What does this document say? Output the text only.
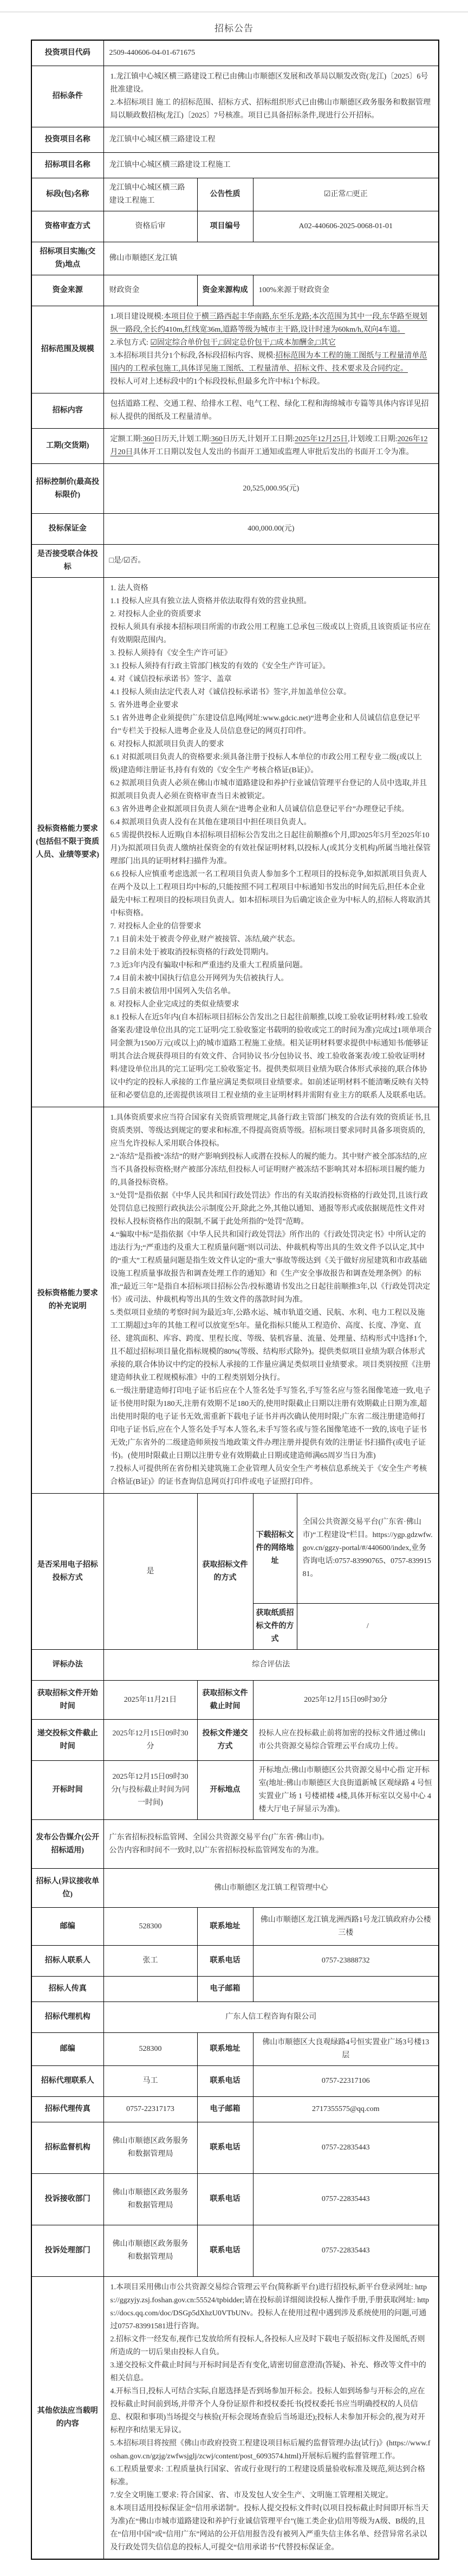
招标公告
投资项目代码	2509-440606-04-01-671675			
招标条件	1.龙江镇中心城区横三路建设工程已由佛山市顺德区发展和改革局以顺发改资(龙江)〔2025〕6号批准建设。
2.本招标项目 施工 的招标范围、招标方式、招标组织形式已由佛山市顺德区政务服务和数据管理局以顺政数招核(龙江)〔2025〕7号核准。项目已具备招标条件,现进行公开招标。			

投资项目名称	龙江镇中心城区横三路建设工程			
招标项目名称	龙江镇中心城区横三路建设工程施工			
标段(包)名称	龙江镇中心城区横三路建设工程施工	公告性质	☑正常/□更正	
资格审查方式	资格后审	项目编号	A02-440606-2025-0068-01-01	
招标项目实施(交货)地点	佛山市顺德区龙江镇			
资金来源	财政资金	资金来源构成	100%来源于财政资金	
招标范围及规模	1.项目建设规模:本项目位于横三路西起丰华南路,东至乐龙路;本次范围为其中一段,东华路至规划纵一路段,全长约410m,红线宽36m,道路等级为城市主干路,设计时速为60km/h,双向4车道。
2.承包方式: ☑固定综合单价包干,□固定总价包干,□成本加酬金,□其它
3.本招标项目共分1个标段,各标段招标内容、规模:招标范围为本工程的施工图纸与工程量清单范围内的工程承包施工,具体详见施工图纸、工程量清单、招标文件、技术要求及合同约定。
投标人可对上述标段中的1个标段投标,但最多允许中标1个标段。			

招标内容	包括道路工程、交通工程、给排水工程、电气工程、绿化工程和海绵城市专篇等具体内容详见招标人提供的图纸及工程量清单。			
工期(交货期)	定额工期:360日历天,计划工期:360日历天,计划开工日期:2025年12月25日,计划竣工日期:2026年12月20日具体开工日期以发包人发出的书面开工通知或监理人审批后发出的书面开工令为准。			

招标控制价(最高投标限价)	20,525,000.95(元)			
投标保证金	400,000.00(元)			
是否接受联合体投标	□是/☑否。			
投标资格能力要求(包括但不限于资质人员、业绩等要求)	
1. 法人资格
1.1 投标人应具有独立法人资格并依法取得有效的营业执照。
2. 对投标人企业的资质要求
投标人须具有承接本招标项目所需的市政公用工程施工总承包三级或以上资质,且该资质证书应在有效期限范围内。
3. 投标人须持有《安全生产许可证》
3.1 投标人须持有行政主管部门核发的有效的《安全生产许可证》。
4. 对《诚信投标承诺书》签字、盖章
4.1 投标人须由法定代表人对《诚信投标承诺书》签字,并加盖单位公章。
5. 省外进粤企业要求
5.1 省外进粤企业须提供广东建设信息网(网址:www.gdcic.net)“进粤企业和人员诚信信息登记平台”专栏关于投标人进粤企业及人员信息登记的网页打印件。
6. 对投标人拟派项目负责人的要求
6.1 对拟派项目负责人的资格要求:须具备注册于投标人本单位的市政公用工程专业二级(或以上级)建造师注册证书,持有有效的《安全生产考核合格证(B证)》。
6.2 拟派项目负责人必须在佛山市城市道路建设和养护行业诚信管理平台登记的人员中选取,并且拟派项目负责人必须在资格审查当日未被锁定。
6.3 省外进粤企业拟派项目负责人须在“进粤企业和人员诚信信息登记平台”办理登记手续。
6.4 拟派项目负责人没有在其他在建项目中担任项目负责人。
6.5 需提供投标人近期(自本招标项目招标公告发出之日起往前顺推6个月,即2025年5月至2025年10月)为拟派项目负责人缴纳社保资金的有效社保证明材料,以投标人(或其分支机构)所属当地社保管理部门出具的证明材料扫描件为准。
6.6 投标人应慎重考虑选派一名工程项目负责人参加多个工程项目的投标竞争,如拟派项目负责人在两个及以上工程项目均中标的,只能按照不同工程项目中标通知书发出的时间先后,担任本企业最先中标工程项目的投标项目负责人。如本招标项目为后确定该企业为中标人的,招标人将取消其中标资格。
7. 对投标人企业的信誉要求
7.1 目前未处于被责令停业,财产被接管、冻结,破产状态。
7.2 目前未处于被取消投标资格的行政处罚期内。
7.3 近3年内没有骗取中标和严重违约及重大工程质量问题。
7.4 目前未被中国执行信息公开网列为失信被执行人。
7.5 目前未被信用中国列入失信名单。
8. 对投标人企业完成过的类似业绩要求
8.1 投标人在近5年内(自本招标项目招标公告发出之日起往前顺推,以竣工验收证明材料/竣工验收备案表/建设单位出具的完工证明/完工验收鉴定书载明的验收或完工的时间为准)完成过1项单项合同金额为1500万元(或以上)的城市道路工程施工业绩。相关证明材料要求提供中标通知书/能够证明其合法合规获得项目的有效文件、合同协议书/分包协议书、竣工验收备案表/竣工验收证明材料/建设单位出具的完工证明/完工验收鉴定书。提供类似项目业绩为联合体形式承接的,联合体协议中约定的投标人承接的工作量应满足类似项目业绩要求。如前述证明材料不能清晰反映有关特征和必要信息的,还需提供该项目工程业绩的业主证明材料并需附有业主方的联系人及联系电话。

投标资格能力要求的补充说明	
1.具体资质要求应当符合国家有关资质管理规定,具备行政主管部门核发的合法有效的资质证书,且资质类别、等级达到规定的要求和标准,不得提高资质等级。招标项目要求同时具备多项资质的,应当允许投标人采用联合体投标。
2.“冻结”是指被“冻结”的财产影响到投标人或潜在投标人的履约能力。其中财产被全部冻结的,应当不具备投标资格;财产被部分冻结,但投标人可证明财产被冻结不影响其对本招标项目履约能力的,具备投标资格。
3.“处罚”是指依据《中华人民共和国行政处罚法》作出的有关取消投标资格的行政处罚,且该行政处罚信息已按照行政执法公示制度公开,除此之外,其他以通知、通报等形式或依据规范性文件对投标人投标资格作出的限制,不属于此处所指的“处罚”范畴。
4.“骗取中标”是指依据《中华人民共和国行政处罚法》所作出的《行政处罚决定书》中所认定的违法行为;“严重违约及重大工程质量问题”则以司法、仲裁机构等出具的生效文件予以认定,其中的“重大”工程质量问题是指生效文件认定的“重大”事故等级达到《关于做好房屋建筑和市政基础设施工程质量事故报告和调查处理工作的通知》和《生产安全事故报告和调查处理条例》的标准;“最近三年”是指自本招标项目招标公告/投标邀请书发出之日起往前顺推3年,以《行政处罚决定书》或司法、仲裁机构等出具的生效文件的落款时间为准。
5.类似项目业绩的考察时间为最近3年,公路水运、城市轨道交通、民航、水利、电力工程以及施工工期超过3年的其他工程可以放宽至5年。量化指标只能从工程造价、高度、长度、净宽、直径、建筑面积、库容、跨度、里程长度、等级、装机容量、流量、处理量、结构形式中选择1个,且不超过招标项目量化指标规模的80%(等级、结构形式除外)。提供类似项目业绩为联合体形式承接的,联合体协议中约定的投标人承接的工作量应满足类似项目业绩要求。项目类别按照《注册建造师执业工程规模标准》中的工程类别划分执行。
6.一级注册建造师打印电子证书后应在个人签名处手写签名,手写签名应与签名图像笔迹一致,电子证书使用时限为180天,注册有效期不足180天的,使用时限截止日期以注册有效期截止日期为准,超出使用时限的电子证书无效,需重新下载电子证书并再次确认使用时限;广东省二级注册建造师打印电子证书后,应在个人签名处手写本人签名,未手写签名或与签名图像笔迹不一致的,该电子证书无效;广东省外的二级建造师须按当地政策文件办理注册并提供有效的注册证书扫描件(或电子证书)。(使用时限截止日期以注册专业有效期截止日期或建造师满65周岁当日为准)
7.投标人可提供所在省份相关建筑施工企业管理人员安全生产考核信息系统关于《安全生产考核合格证(B证)》的证书查询信息网页打印件或电子证照打印件。

是否采用电子招标投标方式	是	获取招标文件的方式	下载招标文件的网络地址	全国公共资源交易平台(广东省·佛山市)“工程建设”栏目。https://ygp.gdzwfw.gov.cn/ggzy-portal/#/440600/index,业务咨询电话:0757-83990765、0757-83991581。
			获取纸质招标文件的方式	/
评标办法	综合评估法			
获取招标文件开始时间	2025年11月21日	获取招标文件截止时间	2025年12月15日09时30分	
递交投标文件截止时间	2025年12月15日09时30分	投标文件递交方式	投标人应在投标截止前将加密的投标文件通过佛山市公共资源交易综合管理云平台成功上传。	
开标时间	2025年12月15日09时30分(与投标截止时间为同一时间)	开标地点	开标地点:佛山市顺德区公共资源交易中心指 定开标室(地址:佛山市顺德区大良街道新城 区观绿路 4 号恒实置业广场 1 号楼裙楼 4楼,具体开标室以交易中心 4 楼大厅电子屏显示为准)。	
发布公告媒介(公开招标适用)	广东省招标投标监管网、全国公共资源交易平台(广东省·佛山市)。
公告内容和时间不一致时,以广东省招标投标监管网发布的为准。			

招标人(异议接收单位)	佛山市顺德区龙江镇工程管理中心			
邮编	528300	联系地址	佛山市顺德区龙江镇龙洲西路1号龙江镇政府办公楼三楼	
招标人联系人	张工	联系电话	0757-23888732	
招标人传真		电子邮箱		
招标代理机构	广东人信工程咨询有限公司			
邮编	528300	联系地址	佛山市顺德区大良观绿路4号恒实置业广场3号楼13层	
招标代理联系人	马工	联系电话	0757-22317106	
招标代理传真	0757-22317173	电子邮箱	2717355575@qq.com	
招标监督机构	佛山市顺德区政务服务和数据管理局	联系电话	0757-22835443	
投诉接收部门	佛山市顺德区政务服务和数据管理局	联系电话	0757-22835443	
投诉处理部门	佛山市顺德区政务服务和数据管理局	联系电话	0757-22835443	
其他依法应当载明的内容	
1.本项目采用佛山市公共资源交易综合管理云平台(简称新平台)进行招投标,新平台登录网址: https://ggzyjy.zsj.foshan.gov.cn:55524/tpbidder;请在投标前详细阅读投标人操作手册,手册获取网址: https://docs.qq.com/doc/DSGp5dXhzU0VTbUNv。投标人在使用过程中遇到涉及系统使用的问题,可通过0757-83991581进行咨询。
2.招标文件一经发布,视作已发放给所有投标人,各投标人应及时下载电子版招标文件及图纸,否则所造成的一切后果由投标人自负。
3.递交投标文件截止时间与开标时间是否有变化,请密切留意澄清(答疑)、补充、修改等文件中的相关信息。
4.开标当日,投标人可结合实际,自愿选择是否到场参加开标会。投标人如到场参与开标会的,应在投标截止时间前到场,并带齐个人身份证原件和授权委托书(授权委托书应当明确授权的人员信息、权限和事项)当场提交与核验(开标会现场查验后当场退还);投标人未参加开标会的,视为对开标程序和结果无异议。
5.本招标项目将按照《佛山市政府投资工程建设项目标后履约监督管理办法(试行)》(https://www.foshan.gov.cn/gzjg/zwfwsjglj/zcwj/content/post_6093574.html)开展标后履约监督管理工作。
6.工程质量要求: 工程质量执行国家、省或行业现行的工程建设质量验收标准及规范,须达到合格标准。
7.安全文明施工要求: 符合国家、省、市及发包人安全生产、文明施工管理相关规定。
8.本项目适用投标保证金“信用承诺制”。投标人提交投标文件时(以项目投标截止时间即开标当天为准)在“佛山市城市道路建设和养护行业诚信管理平台”(施工类企业)信用等级为A级、B级的,且在“信用中国”或“信用广东”网站的公开信用报告没有被列入严重失信主体名单、经营异常名录以及行政处罚失信信息的投标人,可提交“信用承诺书”代替投标保证金。
